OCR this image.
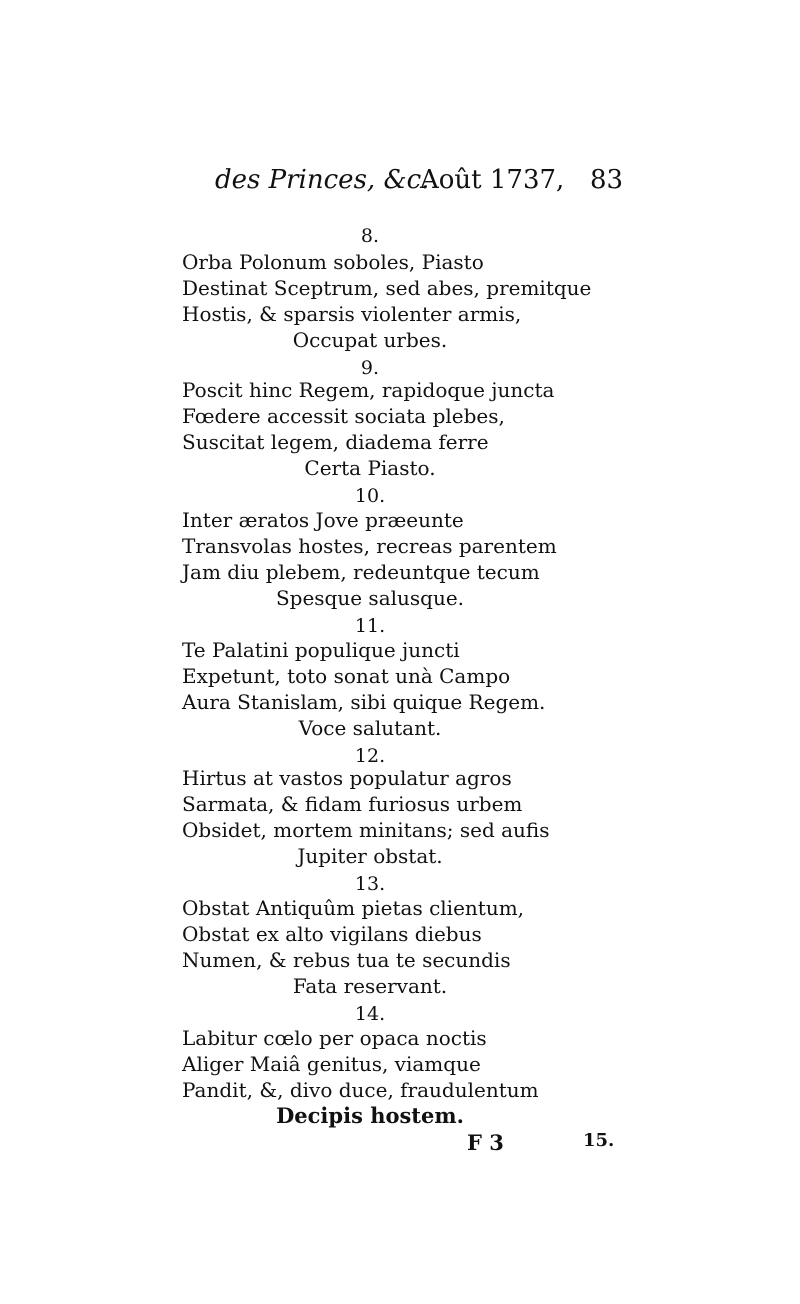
des Princes, &c.
Août 1737, 83
8.
Orba Polonum soboles, Piasto
Destinat Sceptrum, sed abes, premitque
Hostis, & sparsis violenter armis,
Occupat urbes.
9.
Poscit hinc Regem, rapidoque juncta
Fœdere accessit sociata plebes,
Suscitat legem, diadema ferre
Certa Piasto.
10.
Inter æratos Jove præeunte
Transvolas hostes, recreas parentem
Jam diu plebem, redeuntque tecum
Spesque salusque.
11.
Te Palatini populique juncti
Expetunt, toto sonat unà Campo
Aura Stanislam, sibi quique Regem.
Voce salutant.
12.
Hirtus at vastos populatur agros
Sarmata, & fidam furiosus urbem
Obsidet, mortem minitans; sed aufis
Jupiter obstat.
13.
Obstat Antiquûm pietas clientum,
Obstat ex alto vigilans diebus
Numen, & rebus tua te secundis
Fata reservant.
14.
Labitur cœlo per opaca noctis
Aliger Maiâ genitus, viamque
Pandit, &, divo duce, fraudulentum
Decipis hostem.
F 3	15.
